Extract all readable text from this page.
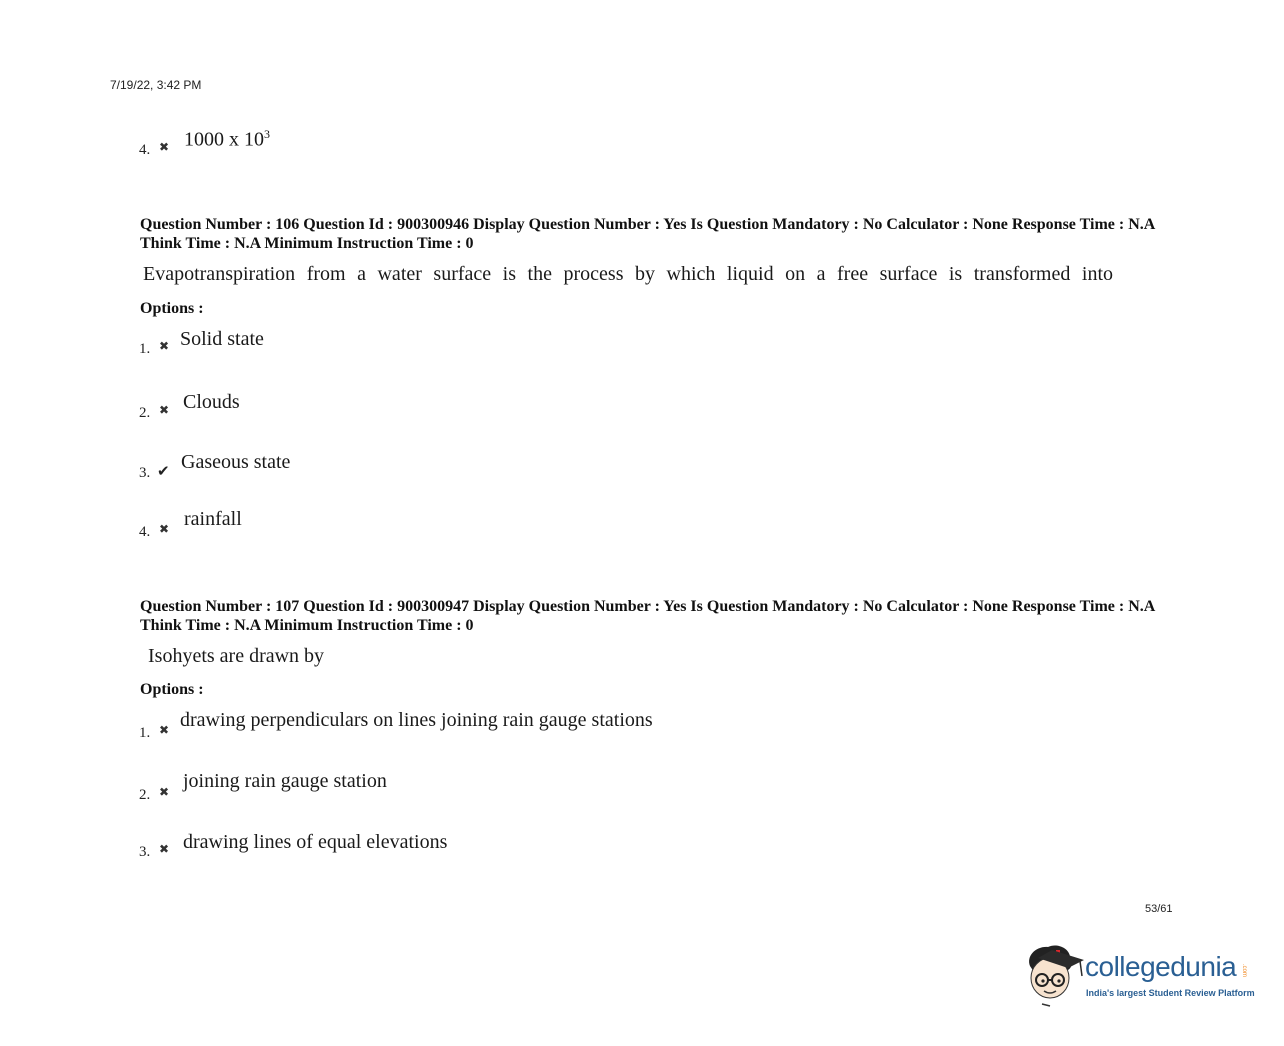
7/19/22, 3:42 PM
4. ✖ 1000 x $10^3$
Question Number : 106 Question Id : 900300946 Display Question Number : Yes Is Question Mandatory : No Calculator : None Response Time : N.A Think Time : N.A Minimum Instruction Time : 0
Evapotranspiration from a water surface is the process by which liquid on a free surface is transformed into
Options :
1. ✖ Solid state
2. ✖ Clouds
3. ✔ Gaseous state
4. ✖ rainfall
Question Number : 107 Question Id : 900300947 Display Question Number : Yes Is Question Mandatory : No Calculator : None Response Time : N.A Think Time : N.A Minimum Instruction Time : 0
Isohyets are drawn by
Options :
1. ✖ drawing perpendiculars on lines joining rain gauge stations
2. ✖ joining rain gauge station
3. ✖ drawing lines of equal elevations
53/61
collegedunia .com
India's largest Student Review Platform
